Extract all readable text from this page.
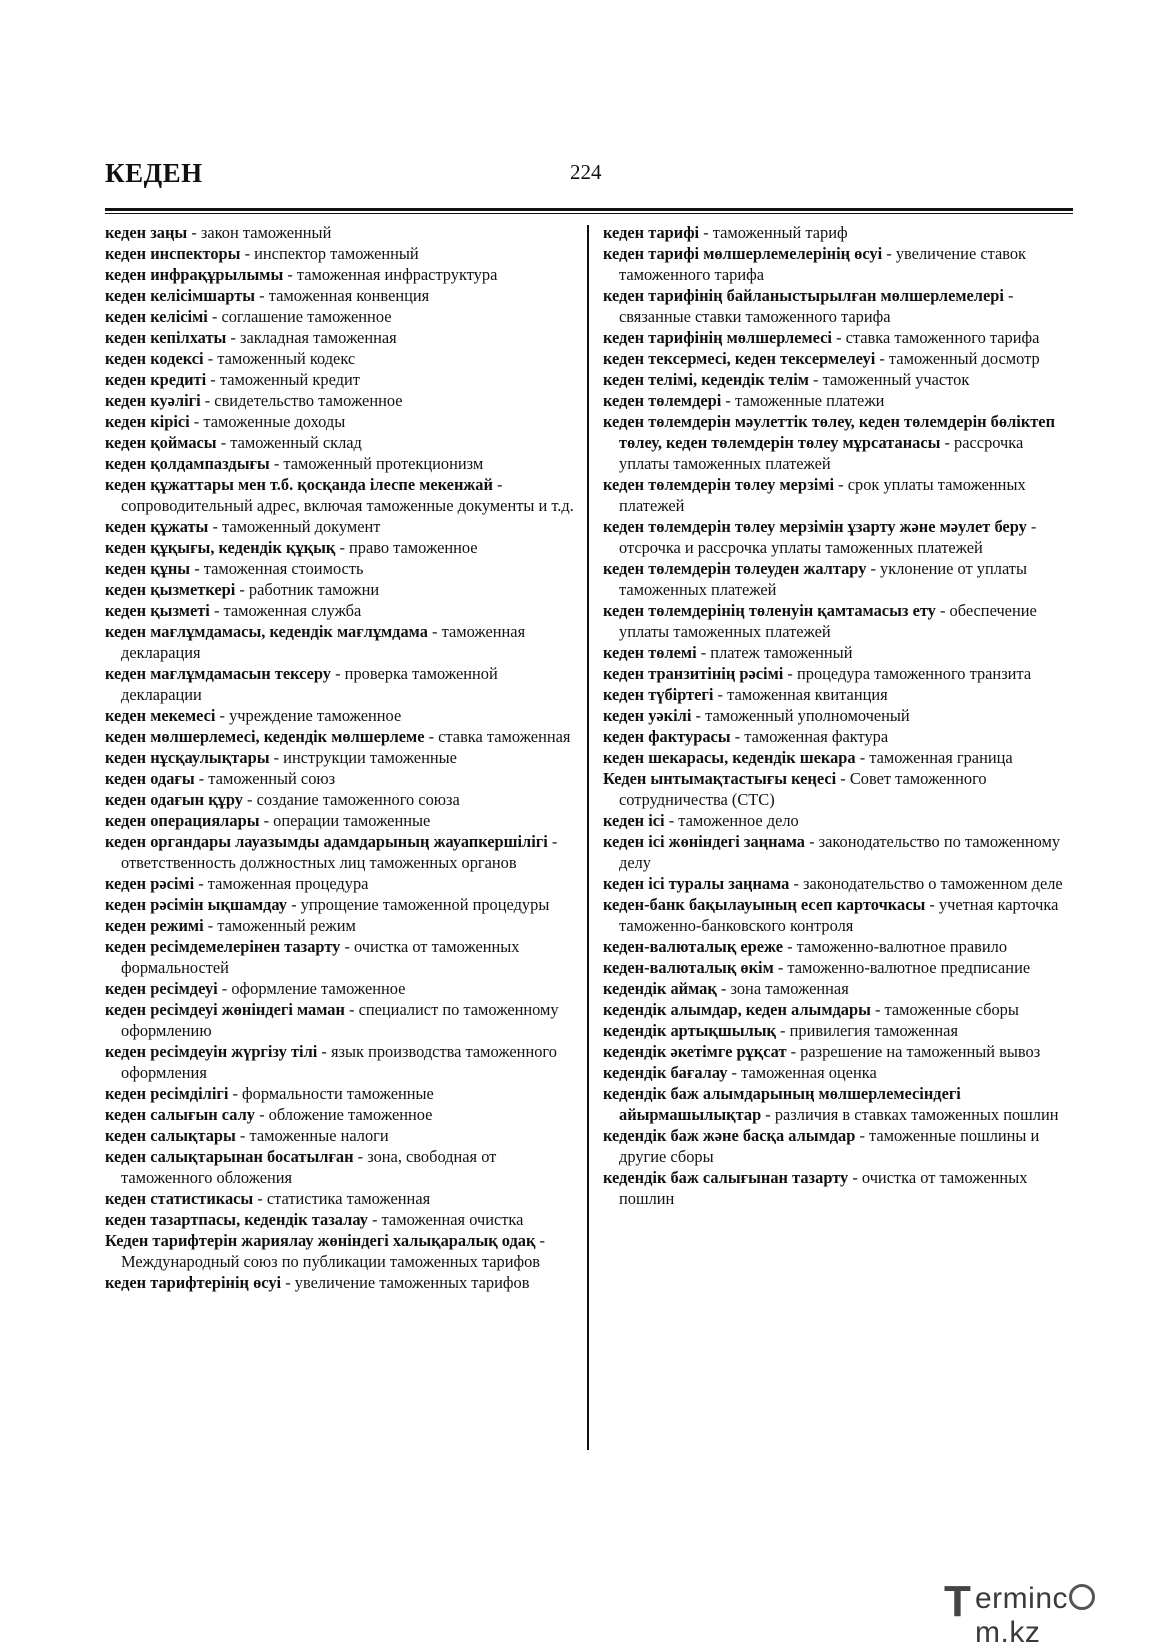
КЕДЕН	224

кеден заңы - закон таможенный

кеден инспекторы - инспектор таможенный

кеден инфрақұрылымы - таможенная инфраструктура

кеден келісімшарты - таможенная конвенция

кеден келісімі - соглашение таможенное

кеден кепілхаты - закладная таможенная

кеден кодексі - таможенный кодекс

кеден кредиті - таможенный кредит

кеден куәлігі - свидетельство таможенное

кеден кірісі - таможенные доходы

кеден қоймасы - таможенный склад

кеден қолдампаздығы - таможенный протекционизм

кеден құжаттары мен т.б. қосқанда ілеспе мекенжай - сопроводительный адрес, включая таможенные документы и т.д.

кеден құжаты - таможенный документ

кеден құқығы, кедендік құқық - право таможенное

кеден құны - таможенная стоимость

кеден қызметкері - работник таможни

кеден қызметі - таможенная служба

кеден мағлұмдамасы, кедендік мағлұмдама - таможенная декларация

кеден мағлұмдамасын тексеру - проверка таможенной декларации

кеден мекемесі - учреждение таможенное

кеден мөлшерлемесі, кедендік мөлшерлеме - ставка таможенная

кеден нұсқаулықтары - инструкции таможенные

кеден одағы - таможенный союз

кеден одағын құру - создание таможенного союза

кеден операциялары - операции таможенные

кеден органдары лауазымды адамдарының жауапкершілігі - ответственность должностных лиц таможенных органов

кеден рәсімі - таможенная процедура

кеден рәсімін ықшамдау - упрощение таможенной процедуры

кеден режимі - таможенный режим

кеден ресімдемелерінен тазарту - очистка от таможенных формальностей

кеден ресімдеуі - оформление таможенное

кеден ресімдеуі жөніндегі маман - специалист по таможенному оформлению

кеден ресімдеуін жүргізу тілі - язык производства таможенного оформления

кеден ресімділігі - формальности таможенные

кеден салығын салу - обложение таможенное

кеден салықтары - таможенные налоги

кеден салықтарынан босатылған - зона, свободная от таможенного обложения

кеден статистикасы - статистика таможенная

кеден тазартпасы, кедендік тазалау - таможенная очистка

Кеден тарифтерін жариялау жөніндегі халықаралық одақ - Международный союз по публикации таможенных тарифов

кеден тарифтерінің өсуі - увеличение таможенных тарифов

кеден тарифі - таможенный тариф

кеден тарифі мөлшерлемелерінің өсуі - увеличение ставок таможенного тарифа

кеден тарифінің байланыстырылған мөлшерлемелері - связанные ставки таможенного тарифа

кеден тарифінің мөлшерлемесі - ставка таможенного тарифа

кеден тексермесі, кеден тексермелеуі - таможенный досмотр

кеден телімі, кедендік телім - таможенный участок

кеден төлемдері - таможенные платежи

кеден төлемдерін мәулеттік төлеу, кеден төлемдерін бөліктеп төлеу, кеден төлемдерін төлеу мұрсатанасы - рассрочка уплаты таможенных платежей

кеден төлемдерін төлеу мерзімі - срок уплаты таможенных платежей

кеден төлемдерін төлеу мерзімін ұзарту және мәулет беру - отсрочка и рассрочка уплаты таможенных платежей

кеден төлемдерін төлеуден жалтару - уклонение от уплаты таможенных платежей

кеден төлемдерінің төленуін қамтамасыз ету - обеспечение уплаты таможенных платежей

кеден төлемі - платеж таможенный

кеден транзитінің рәсімі - процедура таможенного транзита

кеден түбіртегі - таможенная квитанция

кеден уәкілі - таможенный уполномоченый

кеден фактурасы - таможенная фактура

кеден шекарасы, кедендік шекара - таможенная граница

Кеден ынтымақтастығы кеңесі - Совет таможенного сотрудничества (СТС)

кеден ісі - таможенное дело

кеден ісі жөніндегі заңнама - законодательство по таможенному делу

кеден ісі туралы заңнама - законодательство о таможенном деле

кеден-банк бақылауының есеп карточкасы - учетная карточка таможенно-банковского контроля

кеден-валюталық ереже - таможенно-валютное правило

кеден-валюталық өкім - таможенно-валютное предписание

кедендік аймақ - зона таможенная

кедендік алымдар, кеден алымдары - таможенные сборы

кедендік артықшылық - привилегия таможенная

кедендік әкетімге рұқсат - разрешение на таможенный вывоз

кедендік бағалау - таможенная оценка

кедендік баж алымдарының мөлшерлемесіндегі айырмашылықтар - различия в ставках таможенных пошлин

кедендік баж және басқа алымдар - таможенные пошлины и другие сборы

кедендік баж салығынан тазарту - очистка от таможенных пошлин

T ermincm.kz
